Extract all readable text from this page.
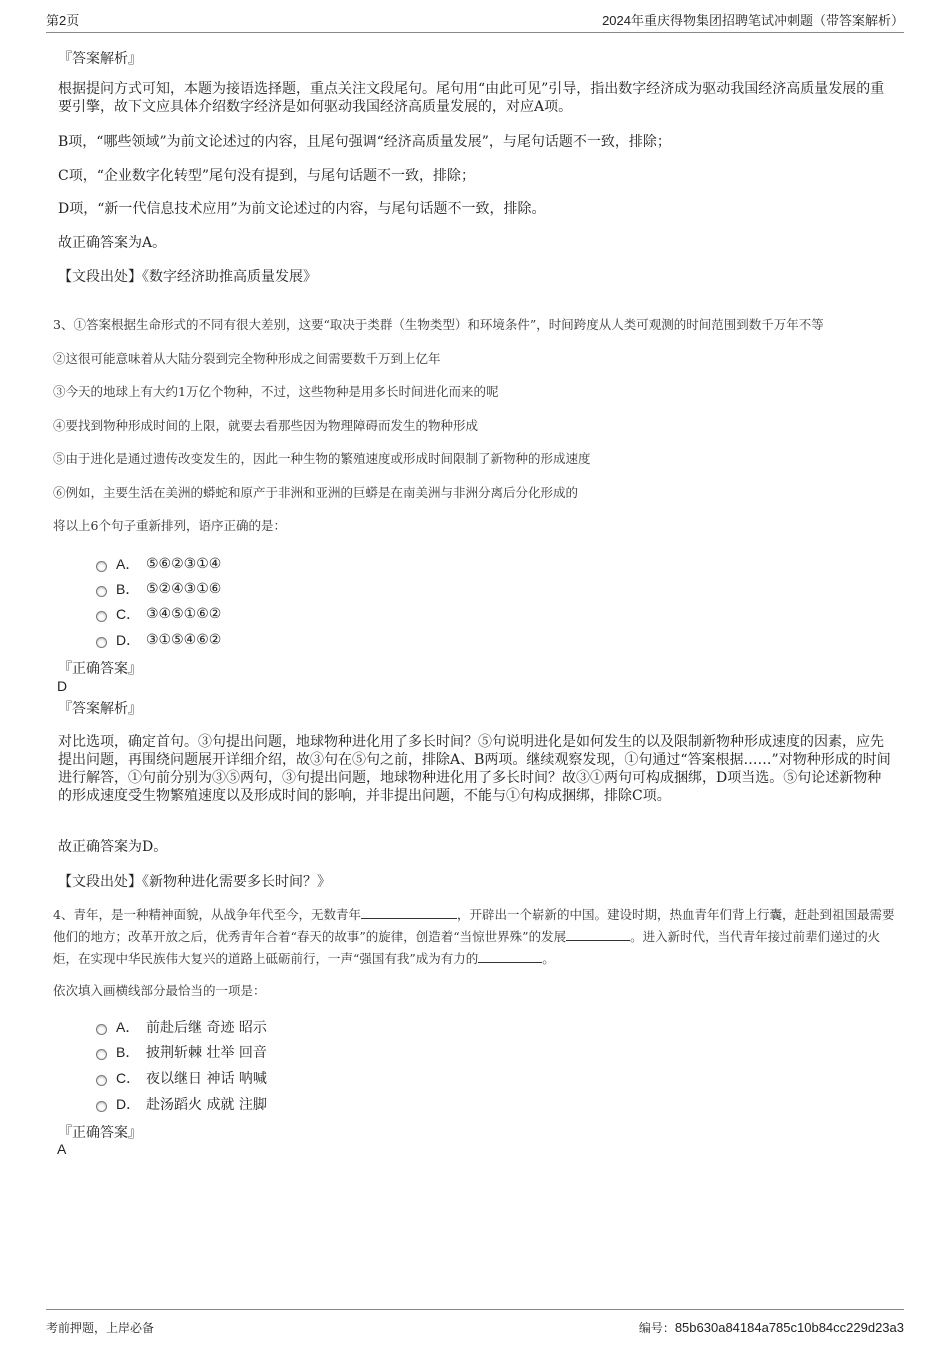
第2页	2024年重庆得物集团招聘笔试冲刺题（带答案解析）
『答案解析』
根据提问方式可知，本题为接语选择题，重点关注文段尾句。尾句用“由此可见”引导，指出数字经济成为驱动我国经济高质量发展的重要引擎，故下文应具体介绍数字经济是如何驱动我国经济高质量发展的，对应A项。
B项，“哪些领域”为前文论述过的内容，且尾句强调“经济高质量发展”，与尾句话题不一致，排除；
C项，“企业数字化转型”尾句没有提到，与尾句话题不一致，排除；
D项，“新一代信息技术应用”为前文论述过的内容，与尾句话题不一致，排除。
故正确答案为A。
【文段出处】《数字经济助推高质量发展》
3、①答案根据生命形式的不同有很大差别，这要“取决于类群（生物类型）和环境条件”，时间跨度从人类可观测的时间范围到数千万年不等
②这很可能意味着从大陆分裂到完全物种形成之间需要数千万到上亿年
③今天的地球上有大约1万亿个物种，不过，这些物种是用多长时间进化而来的呢
④要找到物种形成时间的上限，就要去看那些因为物理障碍而发生的物种形成
⑤由于进化是通过遗传改变发生的，因此一种生物的繁殖速度或形成时间限制了新物种的形成速度
⑥例如，主要生活在美洲的蟒蛇和原产于非洲和亚洲的巨蟒是在南美洲与非洲分离后分化形成的
将以上6个句子重新排列，语序正确的是：
A． ⑤⑥②③①④
B． ⑤②④③①⑥
C． ③④⑤①⑥②
D． ③①⑤④⑥②
『正确答案』
D
『答案解析』
对比选项，确定首句。③句提出问题，地球物种进化用了多长时间？⑤句说明进化是如何发生的以及限制新物种形成速度的因素，应先提出问题，再围绕问题展开详细介绍，故③句在⑤句之前，排除A、B两项。继续观察发现，①句通过“答案根据……”对物种形成的时间进行解答，①句前分别为③⑤两句，③句提出问题，地球物种进化用了多长时间？故③①两句可构成捆绑，D项当选。⑤句论述新物种的形成速度受生物繁殖速度以及形成时间的影响，并非提出问题，不能与①句构成捆绑，排除C项。
故正确答案为D。
【文段出处】《新物种进化需要多长时间？》
4、青年，是一种精神面貌，从战争年代至今，无数青年	，开辟出一个崭新的中国。建设时期，热血青年们背上行囊，赶赴到祖国最需要他们的地方；改革开放之后，优秀青年合着“春天的故事”的旋律，创造着“当惊世界殊”的发展	。进入新时代，当代青年接过前辈们递过的火炬，在实现中华民族伟大复兴的道路上砥砺前行，一声“强国有我”成为有力的	。
依次填入画横线部分最恰当的一项是：
A． 前赴后继 奇迹 昭示
B． 披荆斩棘 壮举 回音
C． 夜以继日 神话 呐喊
D． 赴汤蹈火 成就 注脚
『正确答案』
A
考前押题，上岸必备	编号：85b630a84184a785c10b84cc229d23a3
